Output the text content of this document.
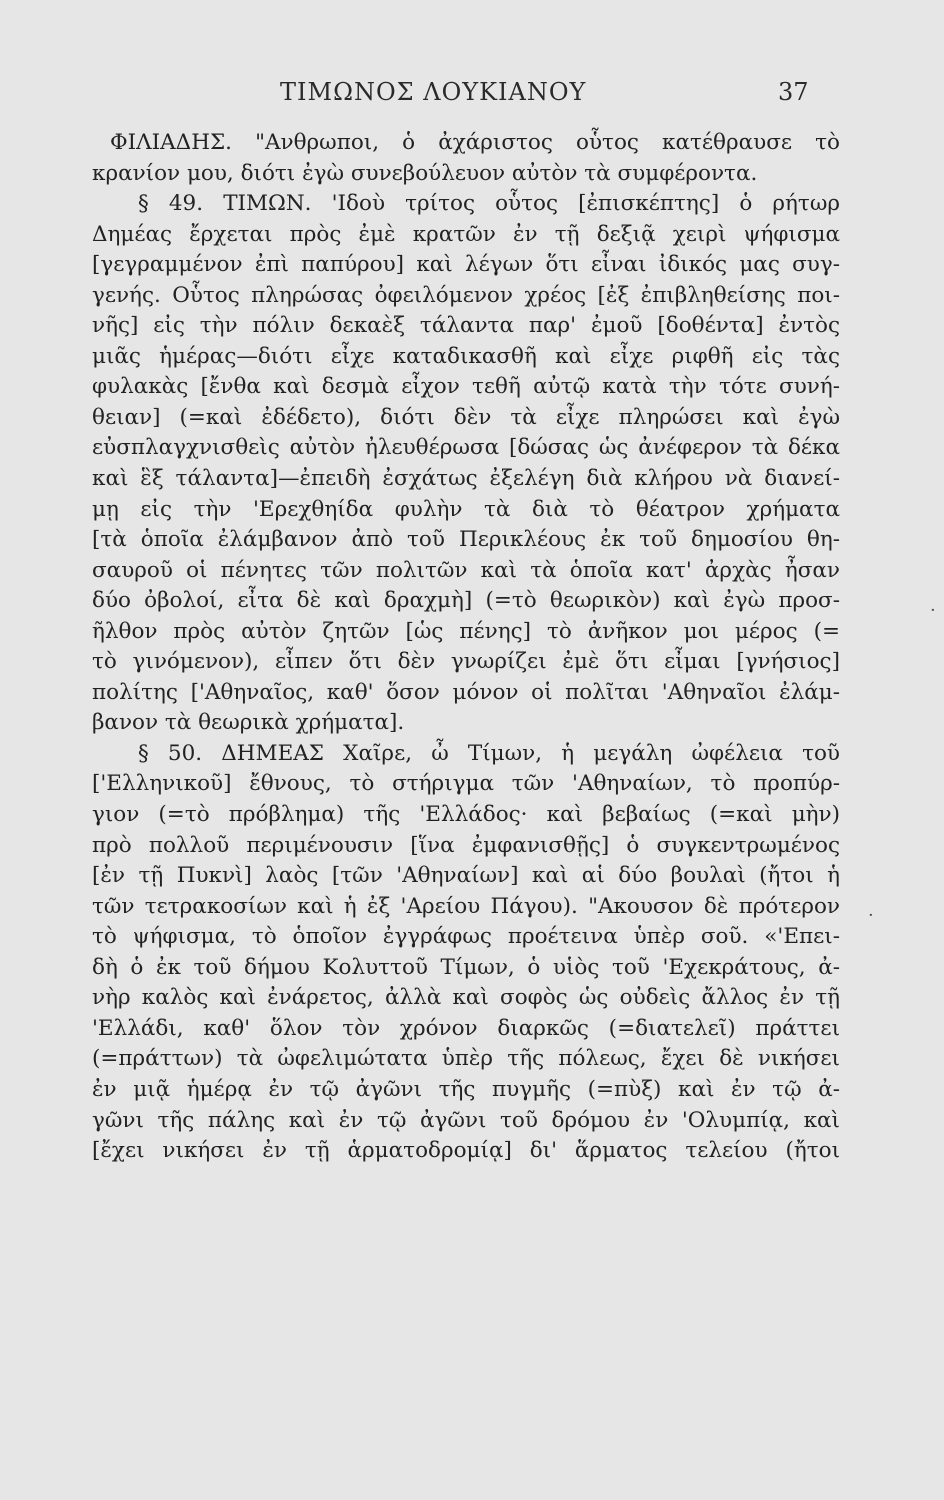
ΤΙΜΩΝΟΣ ΛΟΥΚΙΑΝΟΥ	37
ΦΙΛΙΑΔΗΣ. "Ανθρωποι, ὁ ἀχάριστος οὗτος κατέθραυσε τὸ
κρανίον μου, διότι ἐγὼ συνεβούλευον αὐτὸν τὰ συμφέροντα.
§ 49. ΤΙΜΩΝ. 'Ιδοὺ τρίτος οὗτος [ἐπισκέπτης] ὁ ρήτωρ
Δημέας ἔρχεται πρὸς ἐμὲ κρατῶν ἐν τῇ δεξιᾷ χειρὶ ψήφισμα
[γεγραμμένον ἐπὶ παπύρου] καὶ λέγων ὅτι εἶναι ἰδικός μας συγ-
γενής. Οὗτος πληρώσας ὀφειλόμενον χρέος [ἐξ ἐπιβληθείσης ποι-
νῆς] εἰς τὴν πόλιν δεκαὲξ τάλαντα παρ' ἐμοῦ [δοθέντα] ἐντὸς
μιᾶς ἡμέρας—διότι εἶχε καταδικασθῆ καὶ εἶχε ριφθῆ εἰς τὰς
φυλακὰς [ἔνθα καὶ δεσμὰ εἶχον τεθῆ αὐτῷ κατὰ τὴν τότε συνή-
θειαν] (=καὶ ἐδέδετο), διότι δὲν τὰ εἶχε πληρώσει καὶ ἐγὼ
εὐσπλαγχνισθεὶς αὐτὸν ἠλευθέρωσα [δώσας ὡς ἀνέφερον τὰ δέκα
καὶ ἓξ τάλαντα]—ἐπειδὴ ἐσχάτως ἐξελέγη διὰ κλήρου νὰ διανεί-
μῃ εἰς τὴν 'Ερεχθηίδα φυλὴν τὰ διὰ τὸ θέατρον χρήματα
[τὰ ὁποῖα ἐλάμβανον ἀπὸ τοῦ Περικλέους ἐκ τοῦ δημοσίου θη-
σαυροῦ οἱ πένητες τῶν πολιτῶν καὶ τὰ ὁποῖα κατ' ἀρχὰς ἦσαν
δύο ὀβολοί, εἶτα δὲ καὶ δραχμὴ] (=τὸ θεωρικὸν) καὶ ἐγὼ προσ-
ῆλθον πρὸς αὐτὸν ζητῶν [ὡς πένης] τὸ ἀνῆκον μοι μέρος (=
τὸ γινόμενον), εἶπεν ὅτι δὲν γνωρίζει ἐμὲ ὅτι εἶμαι [γνήσιος]
πολίτης ['Αθηναῖος, καθ' ὅσον μόνον οἱ πολῖται 'Αθηναῖοι ἐλάμ-
βανον τὰ θεωρικὰ χρήματα].
§ 50. ΔΗΜΕΑΣ Χαῖρε, ὦ Τίμων, ἡ μεγάλη ὠφέλεια τοῦ
['Ελληνικοῦ] ἔθνους, τὸ στήριγμα τῶν 'Αθηναίων, τὸ προπύρ-
γιον (=τὸ πρόβλημα) τῆς 'Ελλάδος· καὶ βεβαίως (=καὶ μὴν)
πρὸ πολλοῦ περιμένουσιν [ἵνα ἐμφανισθῇς] ὁ συγκεντρωμένος
[ἐν τῇ Πυκνὶ] λαὸς [τῶν 'Αθηναίων] καὶ αἱ δύο βουλαὶ (ἤτοι ἡ
τῶν τετρακοσίων καὶ ἡ ἐξ 'Αρείου Πάγου). "Ακουσον δὲ πρότερον
τὸ ψήφισμα, τὸ ὁποῖον ἐγγράφως προέτεινα ὑπὲρ σοῦ. «'Επει-
δὴ ὁ ἐκ τοῦ δήμου Κολυττοῦ Τίμων, ὁ υἱὸς τοῦ 'Εχεκράτους, ἀ-
νὴρ καλὸς καὶ ἐνάρετος, ἀλλὰ καὶ σοφὸς ὡς οὐδεὶς ἄλλος ἐν τῇ
'Ελλάδι, καθ' ὅλον τὸν χρόνον διαρκῶς (=διατελεῖ) πράττει
(=πράττων) τὰ ὠφελιμώτατα ὑπὲρ τῆς πόλεως, ἔχει δὲ νικήσει
ἐν μιᾷ ἡμέρᾳ ἐν τῷ ἀγῶνι τῆς πυγμῆς (=πὺξ) καὶ ἐν τῷ ἀ-
γῶνι τῆς πάλης καὶ ἐν τῷ ἀγῶνι τοῦ δρόμου ἐν 'Ολυμπίᾳ, καὶ
[ἔχει νικήσει ἐν τῇ ἁρματοδρομίᾳ] δι' ἅρματος τελείου (ἤτοι
·
·
